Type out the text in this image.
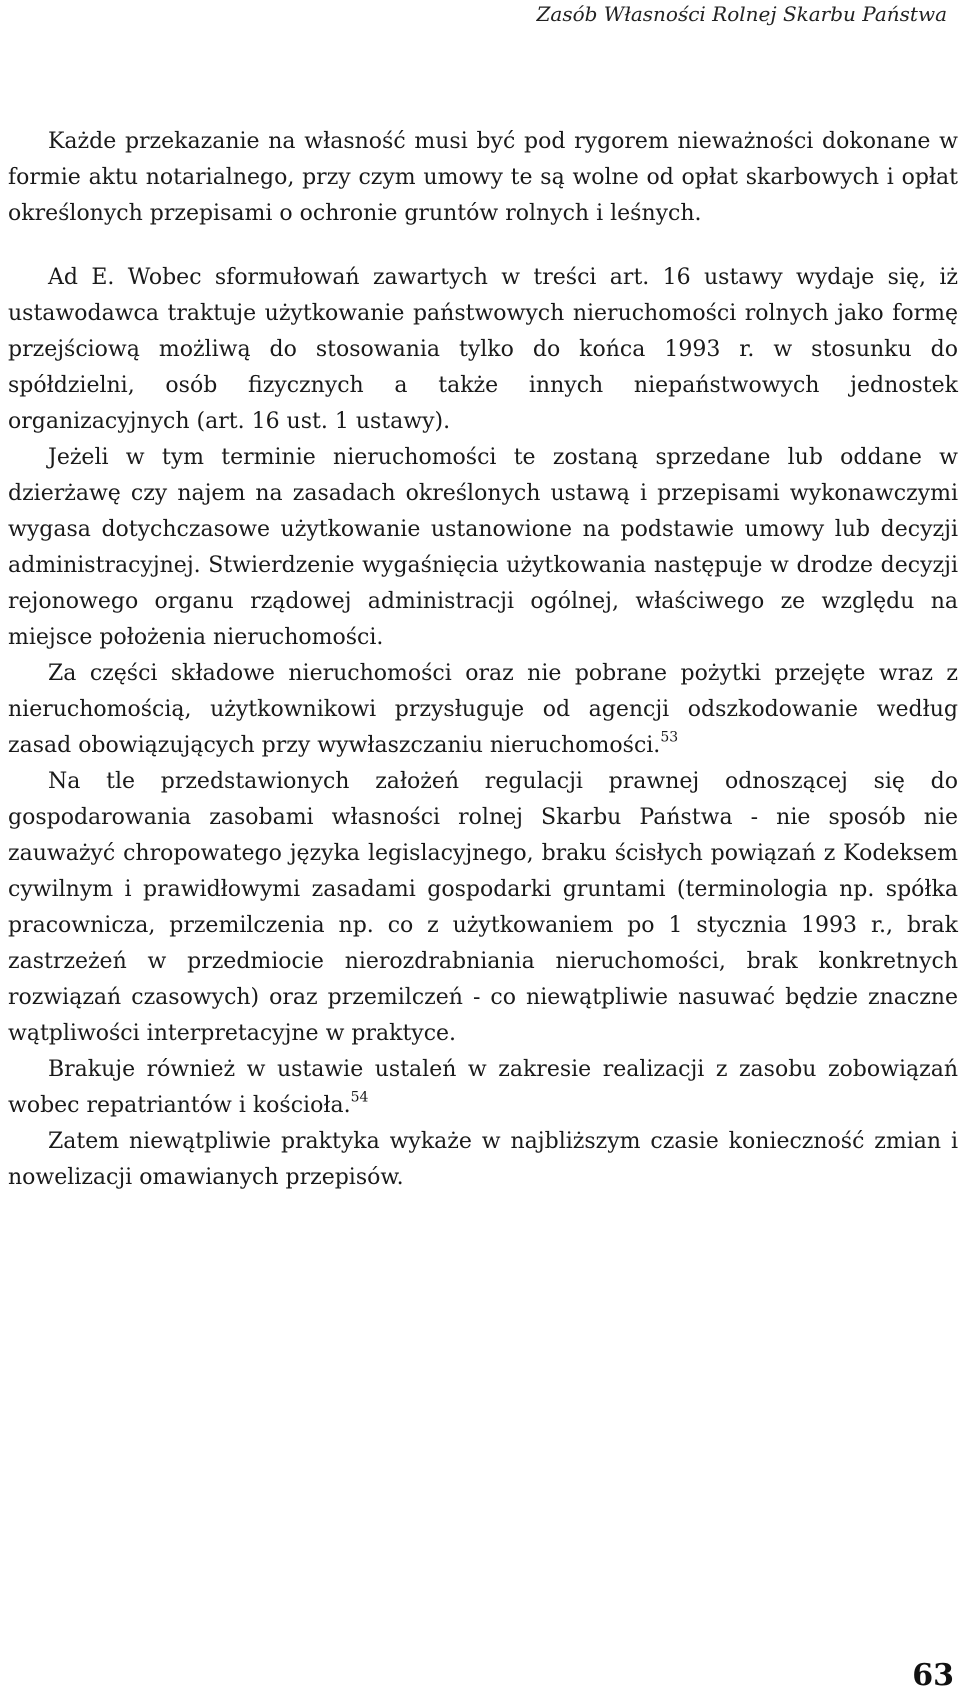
Zasób Własności Rolnej Skarbu Państwa

Każde przekazanie na własność musi być pod rygorem nieważności dokonane w formie aktu notarialnego, przy czym umowy te są wolne od opłat skarbowych i opłat określonych przepisami o ochronie gruntów rolnych i leśnych.

Ad E. Wobec sformułowań zawartych w treści art. 16 ustawy wydaje się, iż ustawodawca traktuje użytkowanie państwowych nieruchomości rolnych jako formę przejściową możliwą do stosowania tylko do końca 1993 r. w stosunku do spółdzielni, osób fizycznych a także innych niepaństwowych jednostek organizacyjnych (art. 16 ust. 1 ustawy).

Jeżeli w tym terminie nieruchomości te zostaną sprzedane lub oddane w dzierżawę czy najem na zasadach określonych ustawą i przepisami wykonawczymi wygasa dotychczasowe użytkowanie ustanowione na podstawie umowy lub decyzji administracyjnej. Stwierdzenie wygaśnięcia użytkowania następuje w drodze decyzji rejonowego organu rządowej administracji ogólnej, właściwego ze względu na miejsce położenia nieruchomości.

Za części składowe nieruchomości oraz nie pobrane pożytki przejęte wraz z nieruchomością, użytkownikowi przysługuje od agencji odszkodowanie według zasad obowiązujących przy wywłaszczaniu nieruchomości.$^{53}$

Na tle przedstawionych założeń regulacji prawnej odnoszącej się do gospodarowania zasobami własności rolnej Skarbu Państwa - nie sposób nie zauważyć chropowatego języka legislacyjnego, braku ścisłych powiązań z Kodeksem cywilnym i prawidłowymi zasadami gospodarki gruntami (terminologia np. spółka pracownicza, przemilczenia np. co z użytkowaniem po 1 stycznia 1993 r., brak zastrzeżeń w przedmiocie nierozdrabniania nieruchomości, brak konkretnych rozwiązań czasowych) oraz przemilczeń - co niewątpliwie nasuwać będzie znaczne wątpliwości interpretacyjne w praktyce.

Brakuje również w ustawie ustaleń w zakresie realizacji z zasobu zobowiązań wobec repatriantów i kościoła.$^{54}$

Zatem niewątpliwie praktyka wykaże w najbliższym czasie konieczność zmian i nowelizacji omawianych przepisów.

63
